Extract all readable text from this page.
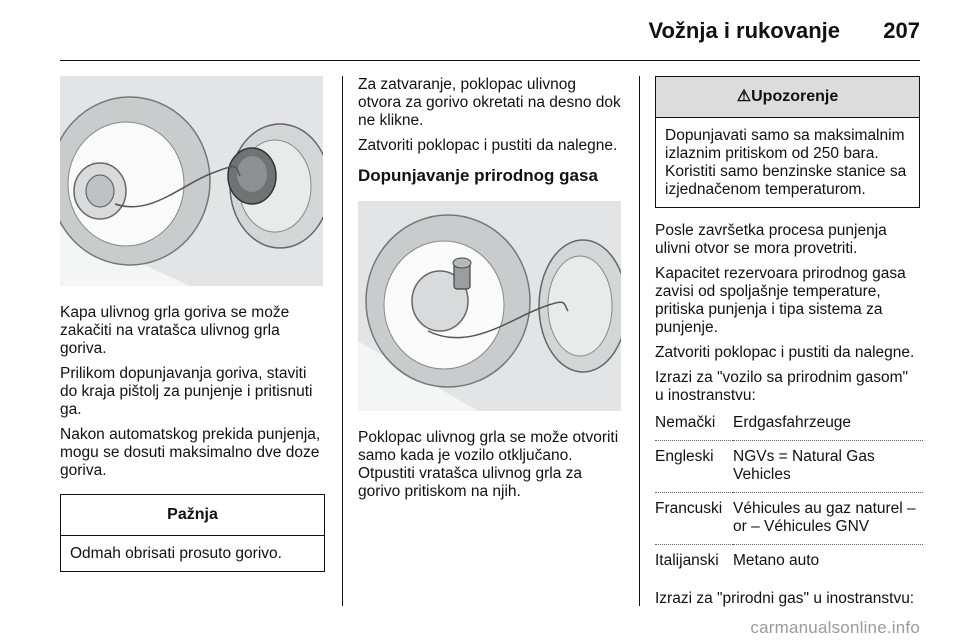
Vožnja i rukovanje 207

Kapa ulivnog grla goriva se može zakačiti na vratašca ulivnog grla goriva.

Prilikom dopunjavanja goriva, staviti do kraja pištolj za punjenje i pritisnuti ga.

Nakon automatskog prekida punjenja, mogu se dosuti maksimalno dve doze goriva.

Pažnja
Odmah obrisati prosuto gorivo.

Za zatvaranje, poklopac ulivnog otvora za gorivo okretati na desno dok ne klikne.

Zatvoriti poklopac i pustiti da nalegne.

Dopunjavanje prirodnog gasa

Poklopac ulivnog grla se može otvoriti samo kada je vozilo otključano. Otpustiti vratašca ulivnog grla za gorivo pritiskom na njih.

⚠Upozorenje
Dopunjavati samo sa maksimalnim izlaznim pritiskom od 250 bara. Koristiti samo benzinske stanice sa izjednačenom temperaturom.

Posle završetka procesa punjenja ulivni otvor se mora provetriti.

Kapacitet rezervoara prirodnog gasa zavisi od spoljašnje temperature, pritiska punjenja i tipa sistema za punjenje.

Zatvoriti poklopac i pustiti da nalegne.

Izrazi za "vozilo sa prirodnim gasom" u inostranstvu:

Nemački	Erdgasfahrzeuge
Engleski	NGVs = Natural Gas Vehicles
Francuski	Véhicules au gaz naturel – or – Véhicules GNV
Italijanski	Metano auto

Izrazi za "prirodni gas" u inostranstvu:

carmanualsonline.info
